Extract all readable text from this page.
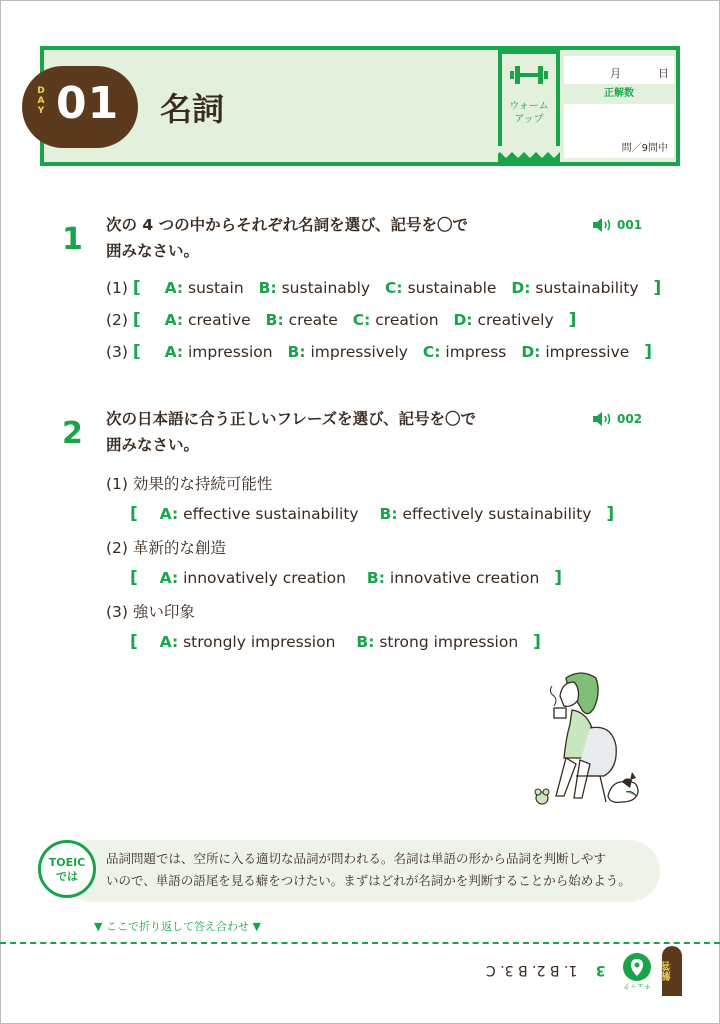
DAY 01 名詞	ウォーム
アップ
月	日
正解数
問／9問中
1 次の 4 つの中からそれぞれ名詞を選び、記号を〇で
囲みなさい。
001
(1) [ A: sustain B: sustainably C: sustainable D: sustainability ]
(2) [ A: creative B: create C: creation D: creatively ]
(3) [ A: impression B: impressively C: impress D: impressive ]
2 次の日本語に合う正しいフレーズを選び、記号を〇で
囲みなさい。
002
(1) 効果的な持続可能性
[ A: effective sustainability B: effectively sustainability ]
(2) 革新的な創造
[ A: innovatively creation B: innovative creation ]
(3) 強い印象
[ A: strongly impression B: strong impression ]
TOEIC
では
品詞問題では、空所に入る適切な品詞が問われる。名詞は単語の形から品詞を判断しやす
いので、単語の語尾を見る癖をつけたい。まずはどれが名詞かを判断することから始めよう。
▼ ここで折り返して答え合わせ ▼
3 1. B 2. B 3. C
チェック
解答
